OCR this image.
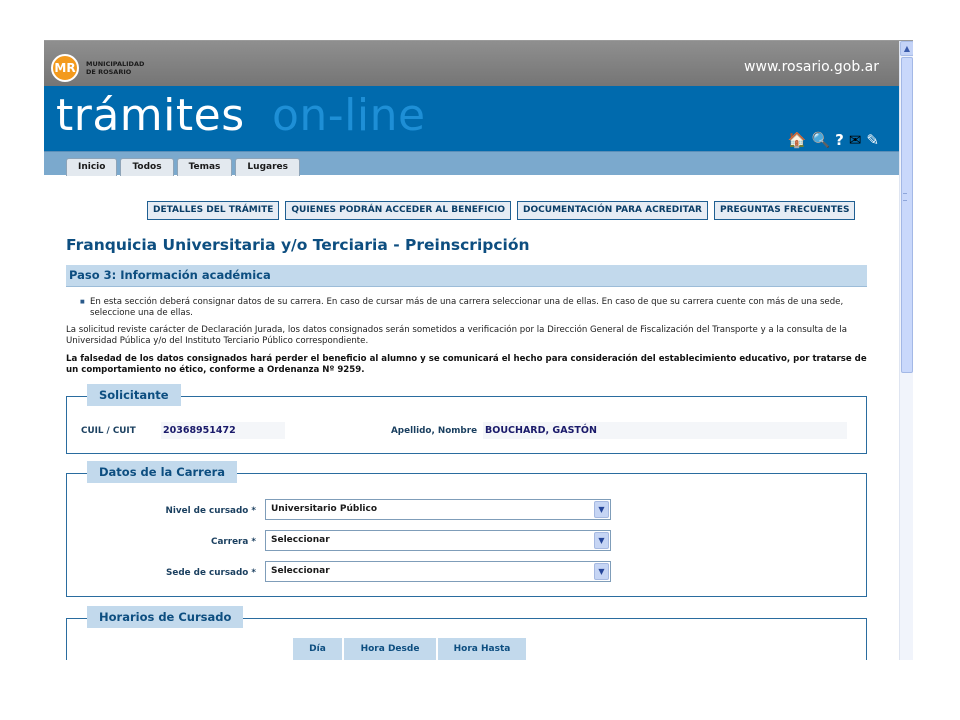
MR	MUNICIPALIDAD
DE ROSARIO	www.rosario.gob.ar
trámites on-line	🏠 🔍 ? ✉ ✎
Inicio	Todos	Temas	Lugares
DETALLES DEL TRÁMITE	QUIENES PODRÁN ACCEDER AL BENEFICIO	DOCUMENTACIÓN PARA ACREDITAR	PREGUNTAS FRECUENTES
Franquicia Universitaria y/o Terciaria - Preinscripción
Paso 3: Información académica
■ En esta sección deberá consignar datos de su carrera. En caso de cursar más de una carrera seleccionar una de ellas. En caso de que su carrera cuente con más de una sede, seleccione una de ellas.
La solicitud reviste carácter de Declaración Jurada, los datos consignados serán sometidos a verificación por la Dirección General de Fiscalización del Transporte y a la consulta de la Universidad Pública y/o del Instituto Terciario Público correspondiente.
La falsedad de los datos consignados hará perder el beneficio al alumno y se comunicará el hecho para consideración del establecimiento educativo, por tratarse de un comportamiento no ético, conforme a Ordenanza Nº 9259.
Solicitante
CUIL / CUIT	20368951472	Apellido, Nombre BOUCHARD, GASTÓN
Datos de la Carrera
Nivel de cursado *	Universitario Público	▼
Carrera *	Seleccionar	▼
Sede de cursado *	Seleccionar	▼
Horarios de Cursado
Día	Hora Desde	Hora Hasta
▲
